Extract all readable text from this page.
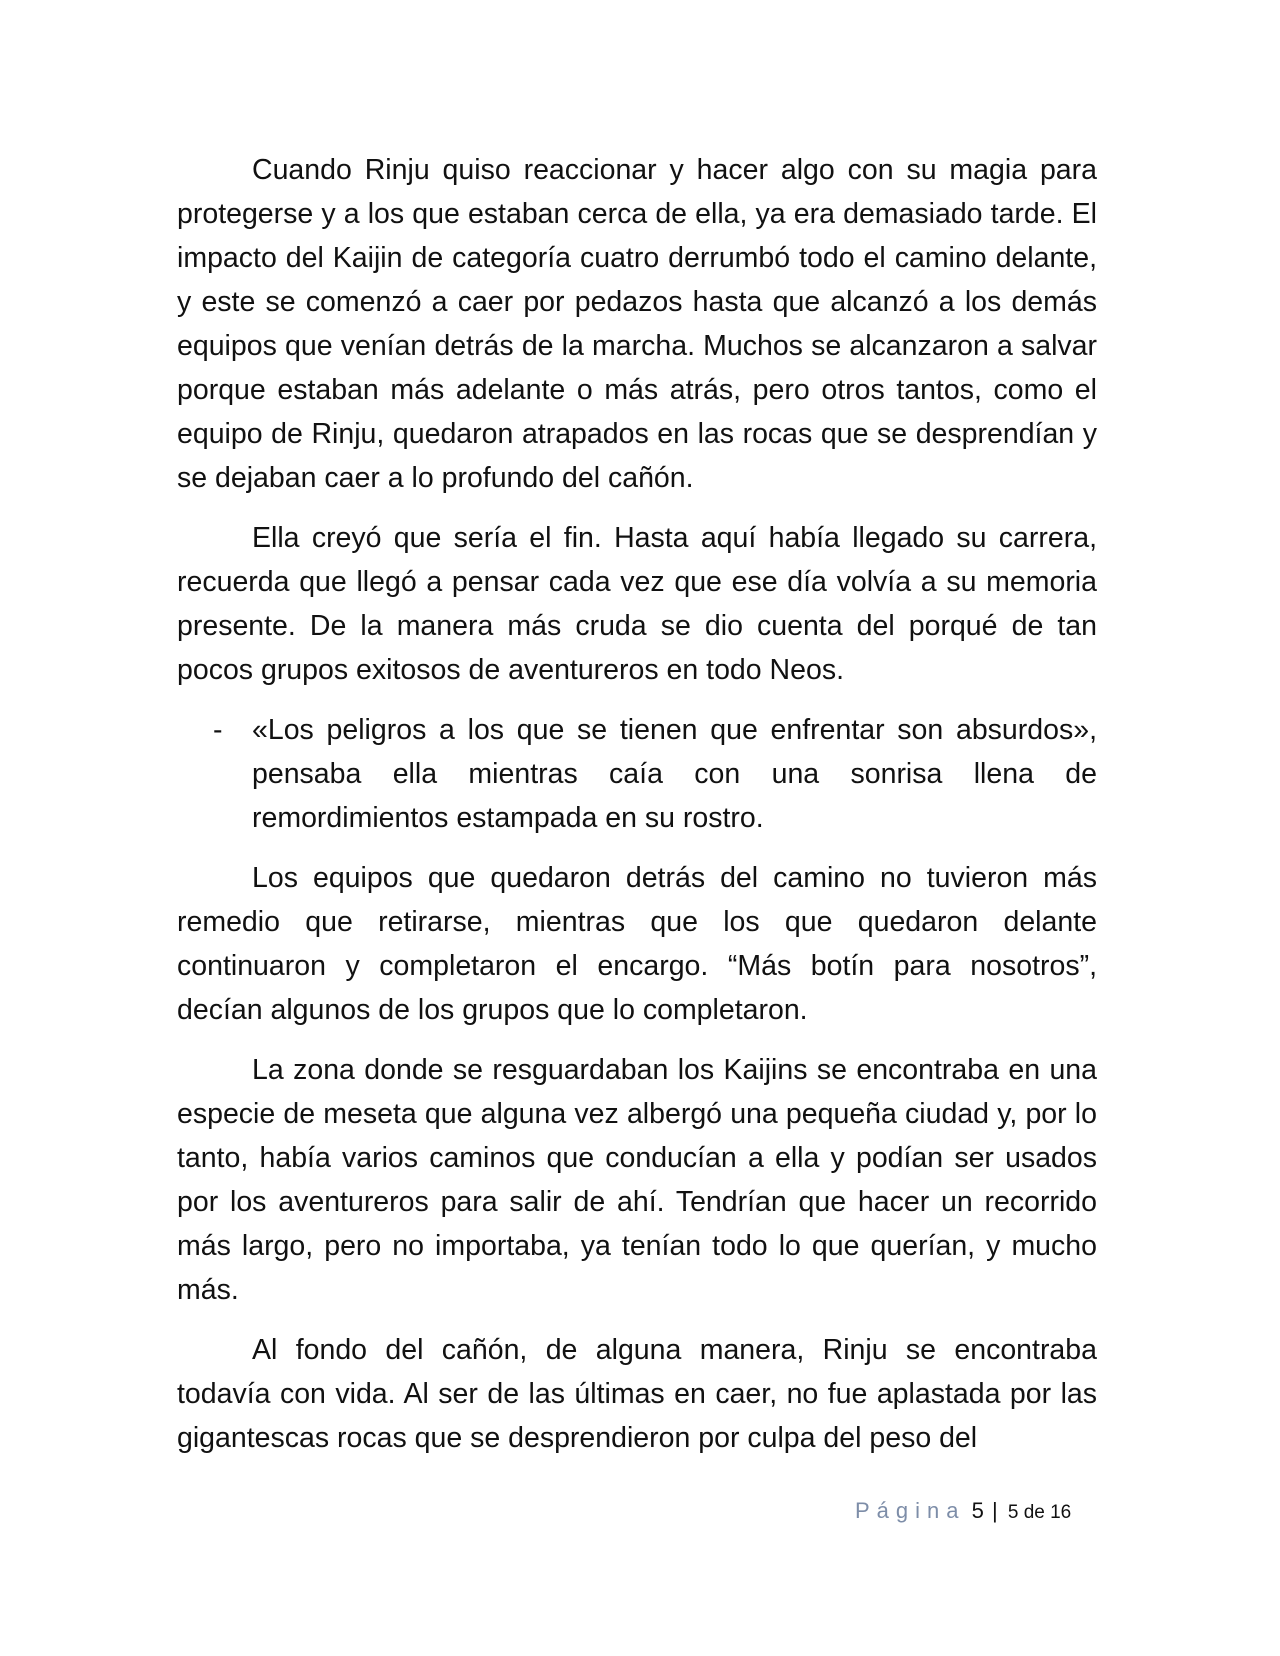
Cuando Rinju quiso reaccionar y hacer algo con su magia para protegerse y a los que estaban cerca de ella, ya era demasiado tarde. El impacto del Kaijin de categoría cuatro derrumbó todo el camino delante, y este se comenzó a caer por pedazos hasta que alcanzó a los demás equipos que venían detrás de la marcha. Muchos se alcanzaron a salvar porque estaban más adelante o más atrás, pero otros tantos, como el equipo de Rinju, quedaron atrapados en las rocas que se desprendían y se dejaban caer a lo profundo del cañón.

Ella creyó que sería el fin. Hasta aquí había llegado su carrera, recuerda que llegó a pensar cada vez que ese día volvía a su memoria presente. De la manera más cruda se dio cuenta del porqué de tan pocos grupos exitosos de aventureros en todo Neos.

-	«Los peligros a los que se tienen que enfrentar son absurdos», pensaba ella mientras caía con una sonrisa llena de remordimientos estampada en su rostro.

Los equipos que quedaron detrás del camino no tuvieron más remedio que retirarse, mientras que los que quedaron delante continuaron y completaron el encargo. “Más botín para nosotros”, decían algunos de los grupos que lo completaron.

La zona donde se resguardaban los Kaijins se encontraba en una especie de meseta que alguna vez albergó una pequeña ciudad y, por lo tanto, había varios caminos que conducían a ella y podían ser usados por los aventureros para salir de ahí. Tendrían que hacer un recorrido más largo, pero no importaba, ya tenían todo lo que querían, y mucho más.

Al fondo del cañón, de alguna manera, Rinju se encontraba todavía con vida. Al ser de las últimas en caer, no fue aplastada por las gigantescas rocas que se desprendieron por culpa del peso del

Página 5 | 5 de 16
